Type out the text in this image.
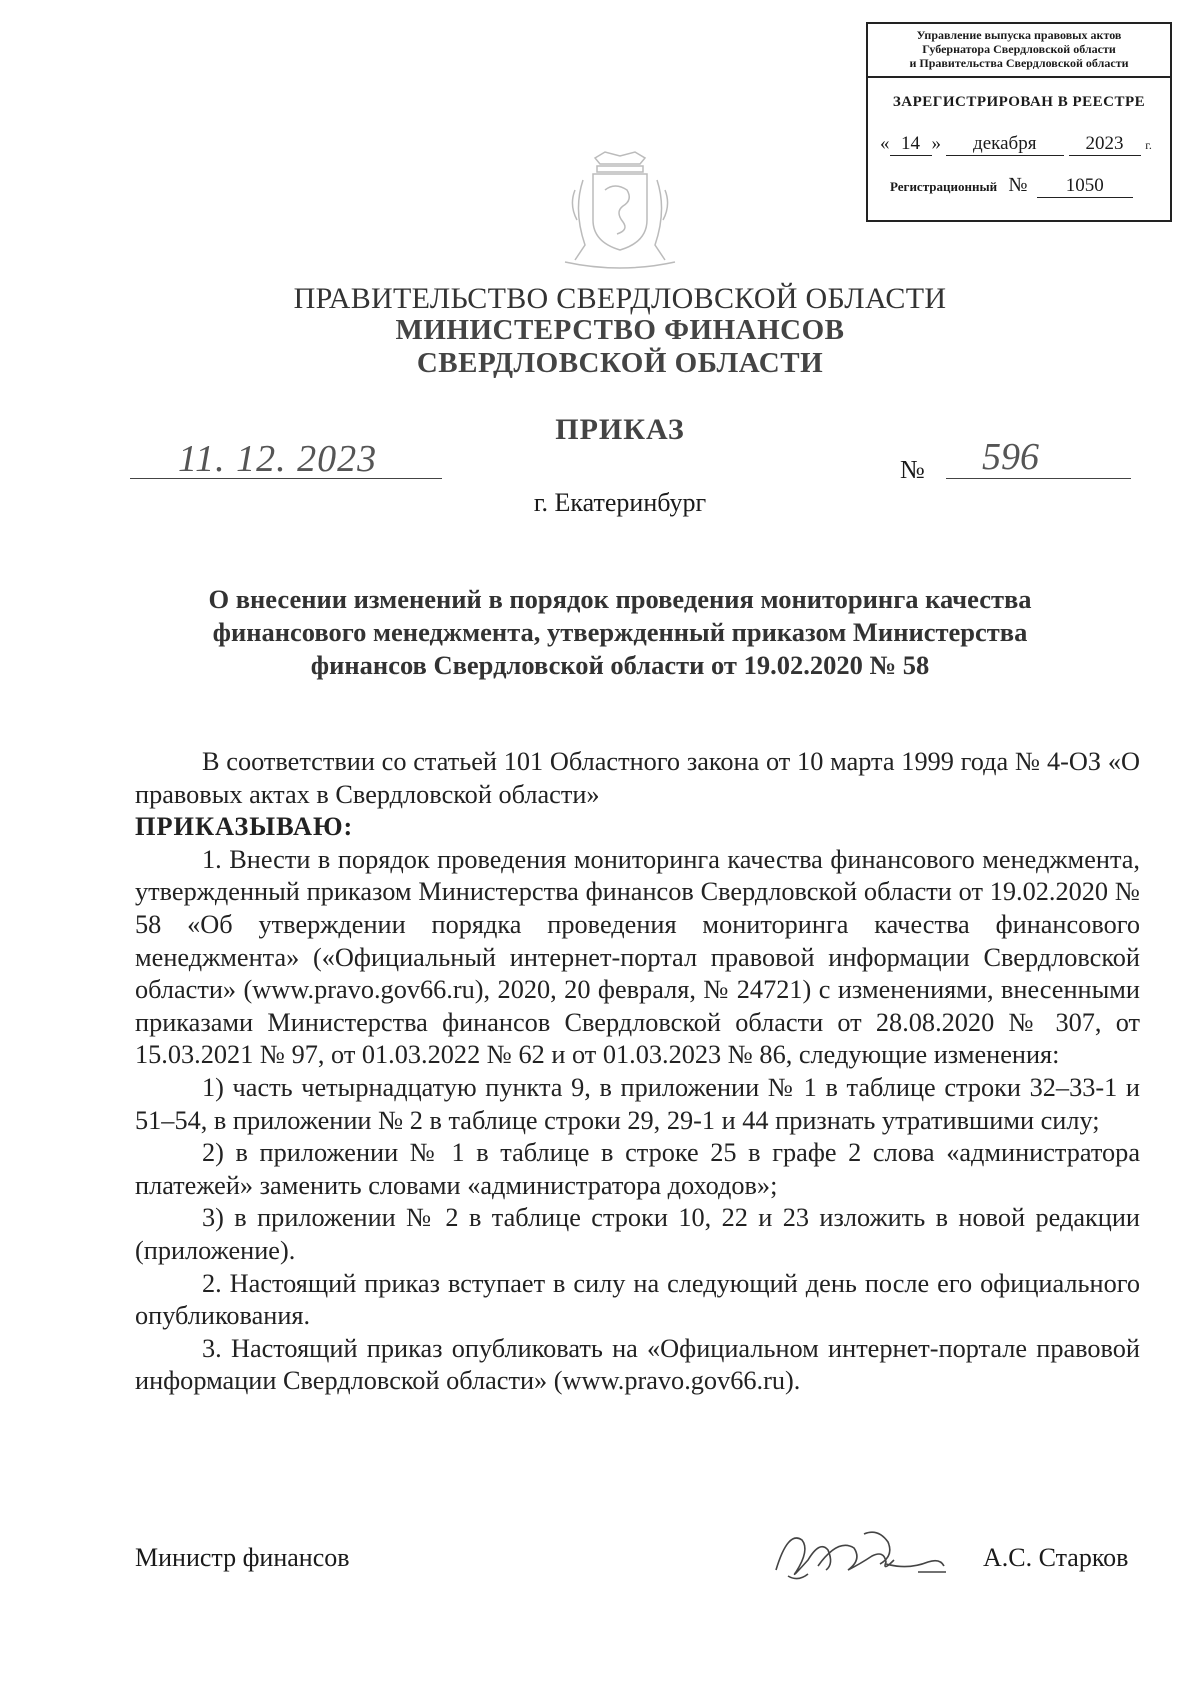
Управление выпуска правовых актов
Губернатора Свердловской области
и Правительства Свердловской области
ЗАРЕГИСТРИРОВАН В РЕЕСТРЕ
« 14 » декабря	2023 г.
Регистрационный № 1050
ПРАВИТЕЛЬСТВО СВЕРДЛОВСКОЙ ОБЛАСТИ
МИНИСТЕРСТВО ФИНАНСОВ
СВЕРДЛОВСКОЙ ОБЛАСТИ
ПРИКАЗ
11. 12. 2023	№ 596
г. Екатеринбург
О внесении изменений в порядок проведения мониторинга качества
финансового менеджмента, утвержденный приказом Министерства
финансов Свердловской области от 19.02.2020 № 58

В соответствии со статьей 101 Областного закона от 10 марта 1999 года № 4-ОЗ «О правовых актах в Свердловской области»

ПРИКАЗЫВАЮ:

1. Внести в порядок проведения мониторинга качества финансового менеджмента, утвержденный приказом Министерства финансов Свердловской области от 19.02.2020 № 58 «Об утверждении порядка проведения мониторинга качества финансового менеджмента» («Официальный интернет-портал правовой информации Свердловской области» (www.pravo.gov66.ru), 2020, 20 февраля, № 24721) с изменениями, внесенными приказами Министерства финансов Свердловской области от 28.08.2020 № 307, от 15.03.2021 № 97, от 01.03.2022 № 62 и от 01.03.2023 № 86, следующие изменения:

1) часть четырнадцатую пункта 9, в приложении № 1 в таблице строки 32–33-1 и 51–54, в приложении № 2 в таблице строки 29, 29-1 и 44 признать утратившими силу;

2) в приложении № 1 в таблице в строке 25 в графе 2 слова «администратора платежей» заменить словами «администратора доходов»;

3) в приложении № 2 в таблице строки 10, 22 и 23 изложить в новой редакции (приложение).

2. Настоящий приказ вступает в силу на следующий день после его официального опубликования.

3. Настоящий приказ опубликовать на «Официальном интернет-портале правовой информации Свердловской области» (www.pravo.gov66.ru).

Министр финансов	А.С. Старков
